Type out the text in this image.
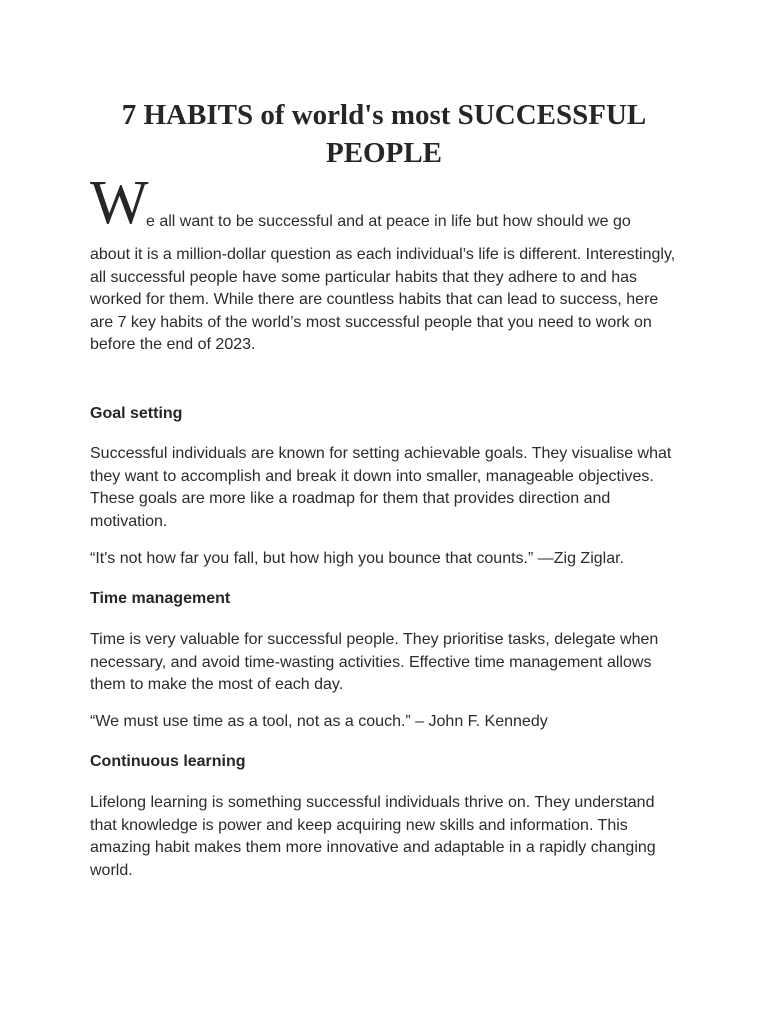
7 HABITS of world's most SUCCESSFUL PEOPLE
W
e all want to be successful and at peace in life but how should we go

about it is a million-dollar question as each individual’s life is different. Interestingly, all successful people have some particular habits that they adhere to and has worked for them. While there are countless habits that can lead to success, here are 7 key habits of the world’s most successful people that you need to work on before the end of 2023.

Goal setting

Successful individuals are known for setting achievable goals. They visualise what they want to accomplish and break it down into smaller, manageable objectives. These goals are more like a roadmap for them that provides direction and motivation.

“It's not how far you fall, but how high you bounce that counts.” —Zig Ziglar.

Time management

Time is very valuable for successful people. They prioritise tasks, delegate when necessary, and avoid time-wasting activities. Effective time management allows them to make the most of each day.

“We must use time as a tool, not as a couch.” – John F. Kennedy

Continuous learning

Lifelong learning is something successful individuals thrive on. They understand that knowledge is power and keep acquiring new skills and information. This amazing habit makes them more innovative and adaptable in a rapidly changing world.
